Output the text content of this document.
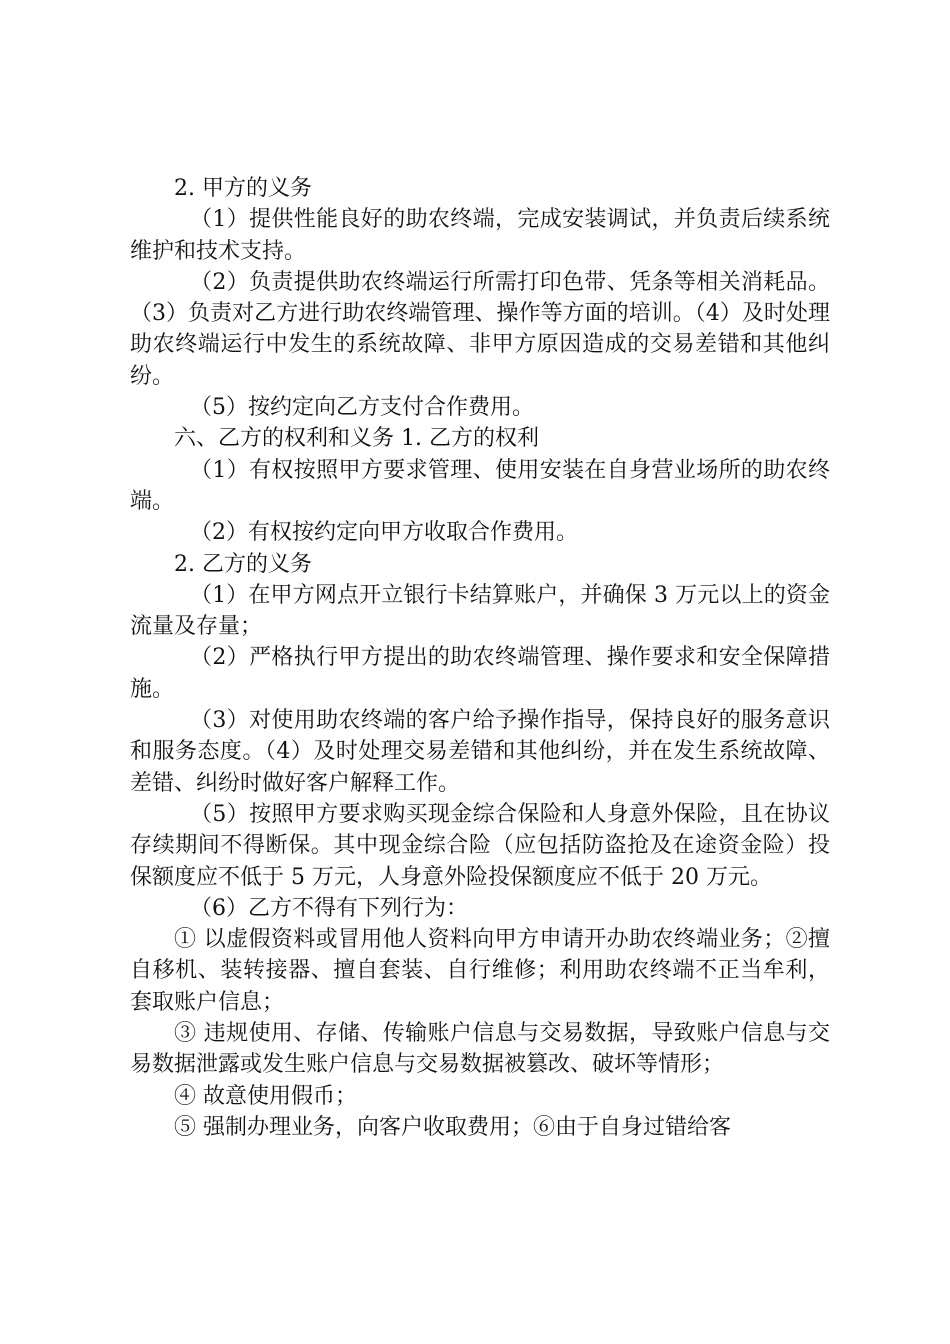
2. 甲方的义务

（1）提供性能良好的助农终端，完成安装调试，并负责后续系统维护和技术支持。

（2）负责提供助农终端运行所需打印色带、凭条等相关消耗品。（3）负责对乙方进行助农终端管理、操作等方面的培训。（4）及时处理助农终端运行中发生的系统故障、非甲方原因造成的交易差错和其他纠纷。

（5）按约定向乙方支付合作费用。

六、乙方的权利和义务 1. 乙方的权利

（1）有权按照甲方要求管理、使用安装在自身营业场所的助农终端。

（2）有权按约定向甲方收取合作费用。

2. 乙方的义务

（1）在甲方网点开立银行卡结算账户，并确保 3 万元以上的资金流量及存量；

（2）严格执行甲方提出的助农终端管理、操作要求和安全保障措施。

（3）对使用助农终端的客户给予操作指导，保持良好的服务意识和服务态度。（4）及时处理交易差错和其他纠纷，并在发生系统故障、差错、纠纷时做好客户解释工作。

（5）按照甲方要求购买现金综合保险和人身意外保险，且在协议存续期间不得断保。其中现金综合险（应包括防盗抢及在途资金险）投保额度应不低于 5 万元，人身意外险投保额度应不低于 20 万元。

（6）乙方不得有下列行为：

① 以虚假资料或冒用他人资料向甲方申请开办助农终端业务；②擅自移机、装转接器、擅自套装、自行维修；利用助农终端不正当牟利，套取账户信息；

③ 违规使用、存储、传输账户信息与交易数据，导致账户信息与交易数据泄露或发生账户信息与交易数据被篡改、破坏等情形；

④ 故意使用假币；

⑤ 强制办理业务，向客户收取费用；⑥由于自身过错给客
